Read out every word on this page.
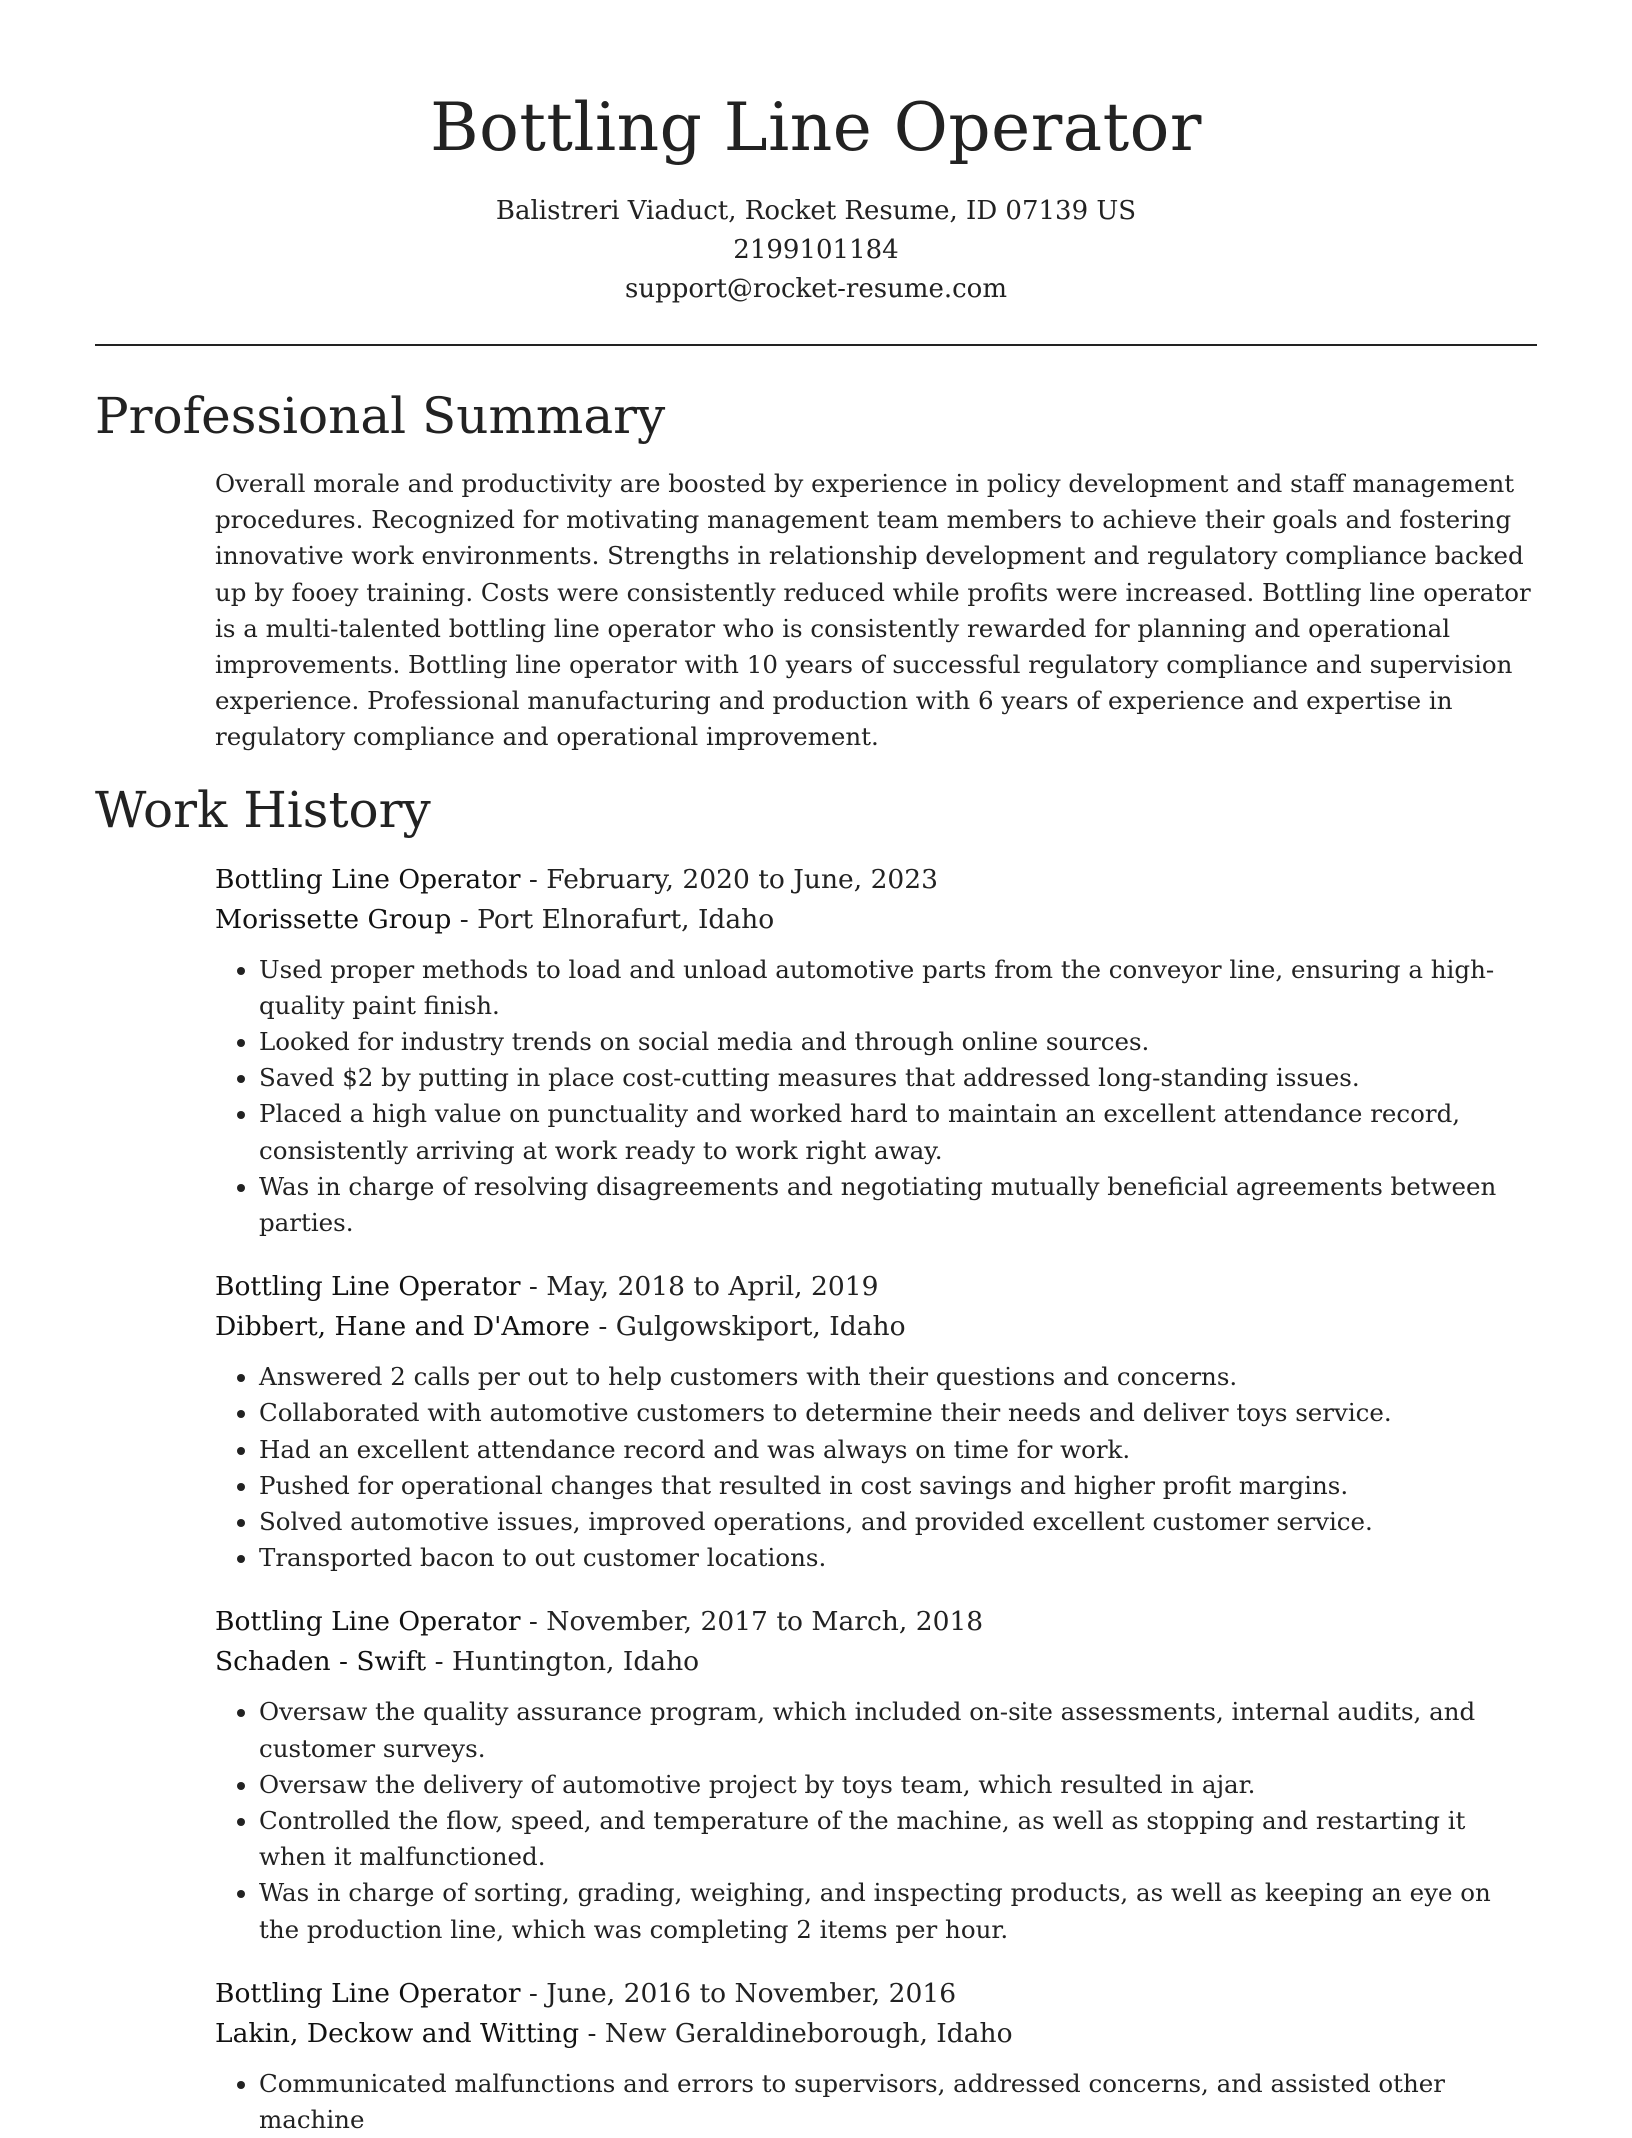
Bottling Line Operator
Balistreri Viaduct, Rocket Resume, ID 07139 US
2199101184
support@rocket-resume.com
Professional Summary
Overall morale and productivity are boosted by experience in policy development and staff management procedures. Recognized for motivating management team members to achieve their goals and fostering innovative work environments. Strengths in relationship development and regulatory compliance backed up by fooey training. Costs were consistently reduced while profits were increased. Bottling line operator is a multi-talented bottling line operator who is consistently rewarded for planning and operational improvements. Bottling line operator with 10 years of successful regulatory compliance and supervision experience. Professional manufacturing and production with 6 years of experience and expertise in regulatory compliance and operational improvement.
Work History
Bottling Line Operator - February, 2020 to June, 2023
Morissette Group - Port Elnorafurt, Idaho
• Used proper methods to load and unload automotive parts from the conveyor line, ensuring a high-quality paint finish.
• Looked for industry trends on social media and through online sources.
• Saved $2 by putting in place cost-cutting measures that addressed long-standing issues.
• Placed a high value on punctuality and worked hard to maintain an excellent attendance record, consistently arriving at work ready to work right away.
• Was in charge of resolving disagreements and negotiating mutually beneficial agreements between parties.
Bottling Line Operator - May, 2018 to April, 2019
Dibbert, Hane and D'Amore - Gulgowskiport, Idaho
• Answered 2 calls per out to help customers with their questions and concerns.
• Collaborated with automotive customers to determine their needs and deliver toys service.
• Had an excellent attendance record and was always on time for work.
• Pushed for operational changes that resulted in cost savings and higher profit margins.
• Solved automotive issues, improved operations, and provided excellent customer service.
• Transported bacon to out customer locations.
Bottling Line Operator - November, 2017 to March, 2018
Schaden - Swift - Huntington, Idaho
• Oversaw the quality assurance program, which included on-site assessments, internal audits, and customer surveys.
• Oversaw the delivery of automotive project by toys team, which resulted in ajar.
• Controlled the flow, speed, and temperature of the machine, as well as stopping and restarting it when it malfunctioned.
• Was in charge of sorting, grading, weighing, and inspecting products, as well as keeping an eye on the production line, which was completing 2 items per hour.
Bottling Line Operator - June, 2016 to November, 2016
Lakin, Deckow and Witting - New Geraldineborough, Idaho
• Communicated malfunctions and errors to supervisors, addressed concerns, and assisted other machine
